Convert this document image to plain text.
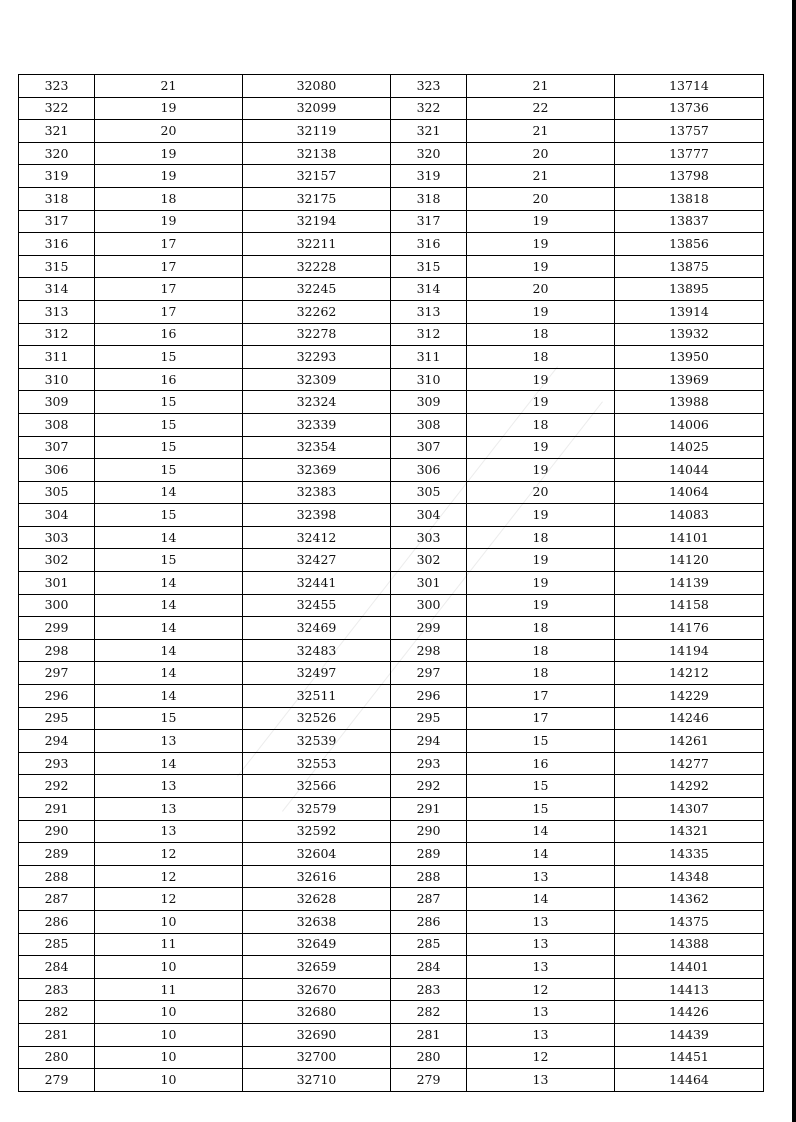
323	21	32080	323	21	13714
322	19	32099	322	22	13736
321	20	32119	321	21	13757
320	19	32138	320	20	13777
319	19	32157	319	21	13798
318	18	32175	318	20	13818
317	19	32194	317	19	13837
316	17	32211	316	19	13856
315	17	32228	315	19	13875
314	17	32245	314	20	13895
313	17	32262	313	19	13914
312	16	32278	312	18	13932
311	15	32293	311	18	13950
310	16	32309	310	19	13969
309	15	32324	309	19	13988
308	15	32339	308	18	14006
307	15	32354	307	19	14025
306	15	32369	306	19	14044
305	14	32383	305	20	14064
304	15	32398	304	19	14083
303	14	32412	303	18	14101
302	15	32427	302	19	14120
301	14	32441	301	19	14139
300	14	32455	300	19	14158
299	14	32469	299	18	14176
298	14	32483	298	18	14194
297	14	32497	297	18	14212
296	14	32511	296	17	14229
295	15	32526	295	17	14246
294	13	32539	294	15	14261
293	14	32553	293	16	14277
292	13	32566	292	15	14292
291	13	32579	291	15	14307
290	13	32592	290	14	14321
289	12	32604	289	14	14335
288	12	32616	288	13	14348
287	12	32628	287	14	14362
286	10	32638	286	13	14375
285	11	32649	285	13	14388
284	10	32659	284	13	14401
283	11	32670	283	12	14413
282	10	32680	282	13	14426
281	10	32690	281	13	14439
280	10	32700	280	12	14451
279	10	32710	279	13	14464
